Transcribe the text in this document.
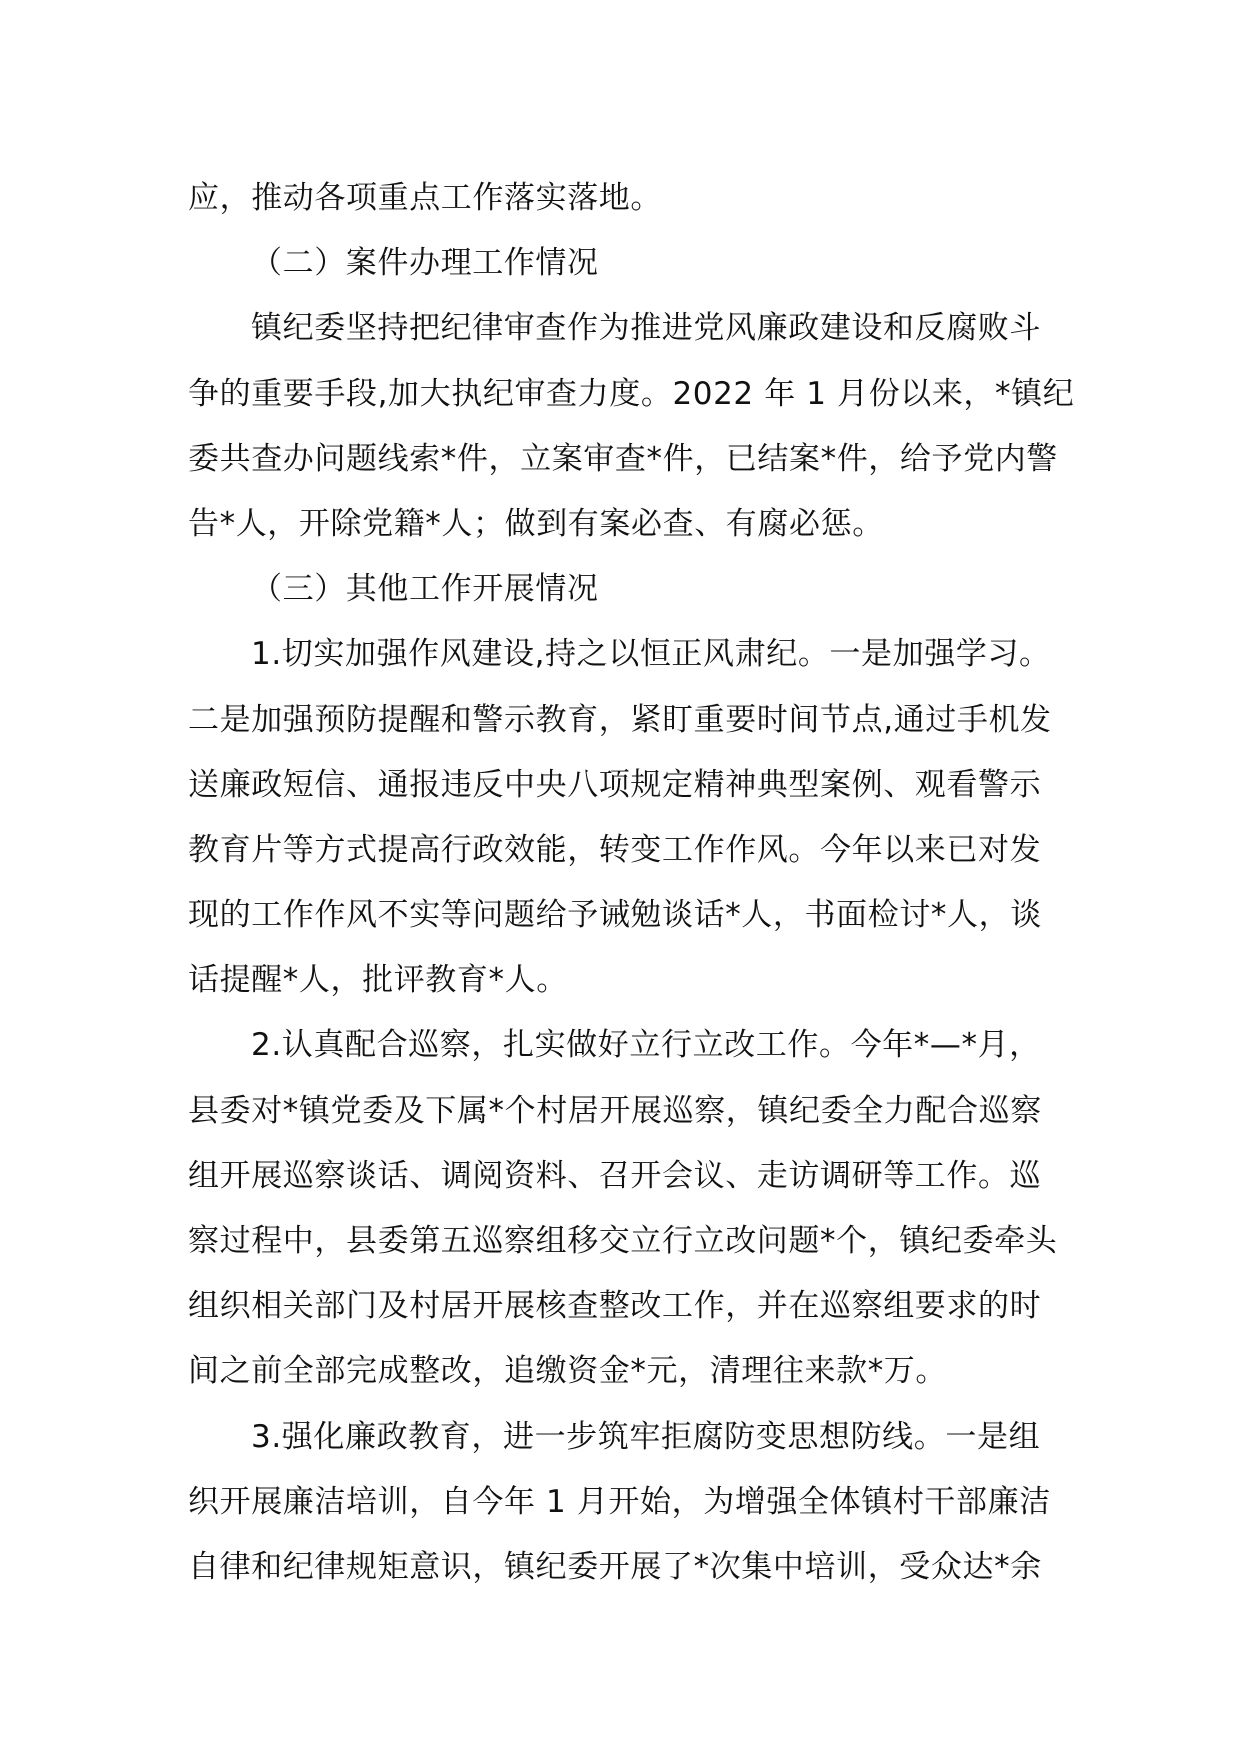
应，推动各项重点工作落实落地。
（二）案件办理工作情况
镇纪委坚持把纪律审查作为推进党风廉政建设和反腐败斗
争的重要手段,加大执纪审查力度。2022 年 1 月份以来，*镇纪
委共查办问题线索*件，立案审查*件，已结案*件，给予党内警
告*人，开除党籍*人；做到有案必查、有腐必惩。
（三）其他工作开展情况
1.切实加强作风建设,持之以恒正风肃纪。一是加强学习。
二是加强预防提醒和警示教育，紧盯重要时间节点,通过手机发
送廉政短信、通报违反中央八项规定精神典型案例、观看警示
教育片等方式提高行政效能，转变工作作风。今年以来已对发
现的工作作风不实等问题给予诫勉谈话*人，书面检讨*人，谈
话提醒*人，批评教育*人。
2.认真配合巡察，扎实做好立行立改工作。今年*—*月，
县委对*镇党委及下属*个村居开展巡察，镇纪委全力配合巡察
组开展巡察谈话、调阅资料、召开会议、走访调研等工作。巡
察过程中，县委第五巡察组移交立行立改问题*个，镇纪委牵头
组织相关部门及村居开展核查整改工作，并在巡察组要求的时
间之前全部完成整改，追缴资金*元，清理往来款*万。
3.强化廉政教育，进一步筑牢拒腐防变思想防线。一是组
织开展廉洁培训，自今年 1 月开始，为增强全体镇村干部廉洁
自律和纪律规矩意识，镇纪委开展了*次集中培训，受众达*余
